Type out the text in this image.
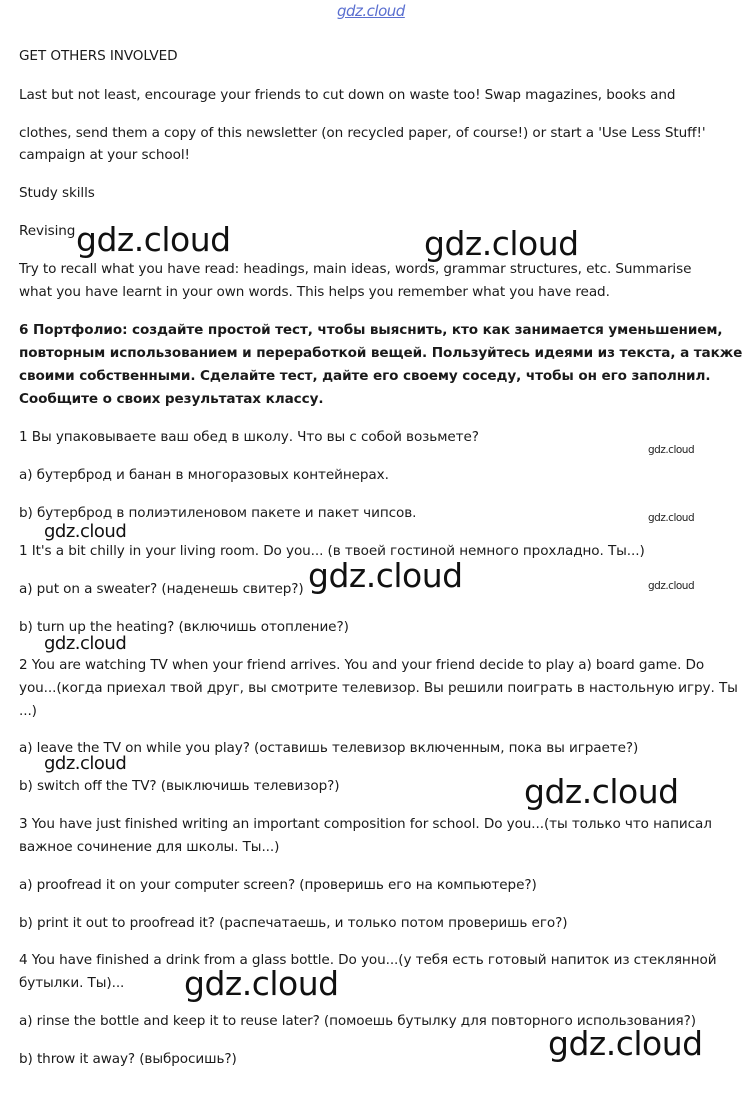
gdz.cloud
gdz.cloud	gdz.cloud
gdz.cloud
gdz.cloud
gdz.cloud
gdz.cloud	gdz.cloud
gdz.cloud
gdz.cloud
gdz.cloud
gdz.cloud
gdz.cloud

GET OTHERS INVOLVED

Last but not least, encourage your friends to cut down on waste too! Swap magazines, books and

clothes, send them a copy of this newsletter (on recycled paper, of course!) or start a 'Use Less Stuff!'

campaign at your school!

Study skills

Revising

Try to recall what you have read: headings, main ideas, words, grammar structures, etc. Summarise

what you have learnt in your own words. This helps you remember what you have read.

6 Портфолио: создайте простой тест, чтобы выяснить, кто как занимается уменьшением,

повторным использованием и переработкой вещей. Пользуйтесь идеями из текста, а также

своими собственными. Сделайте тест, дайте его своему соседу, чтобы он его заполнил.

Сообщите о своих результатах классу.

1 Вы упаковываете ваш обед в школу. Что вы с собой возьмете?

a) бутерброд и банан в многоразовых контейнерах.

b) бутерброд в полиэтиленовом пакете и пакет чипсов.

1 It's a bit chilly in your living room. Do you... (в твоей гостиной немного прохладно. Ты...)

a) put on a sweater? (наденешь свитер?)

b) turn up the heating? (включишь отопление?)

2 You are watching TV when your friend arrives. You and your friend decide to play a) board game. Do

you...(когда приехал твой друг, вы смотрите телевизор. Вы решили поиграть в настольную игру. Ты

...)

a) leave the TV on while you play? (оставишь телевизор включенным, пока вы играете?)

b) switch off the TV? (выключишь телевизор?)

3 You have just finished writing an important composition for school. Do you...(ты только что написал

важное сочинение для школы. Ты...)

a) proofread it on your computer screen? (проверишь его на компьютере?)

b) print it out to proofread it? (распечатаешь, и только потом проверишь его?)

4 You have finished a drink from a glass bottle. Do you...(у тебя есть готовый напиток из стеклянной

бутылки. Ты)...

a) rinse the bottle and keep it to reuse later? (помоешь бутылку для повторного использования?)

b) throw it away? (выбросишь?)
